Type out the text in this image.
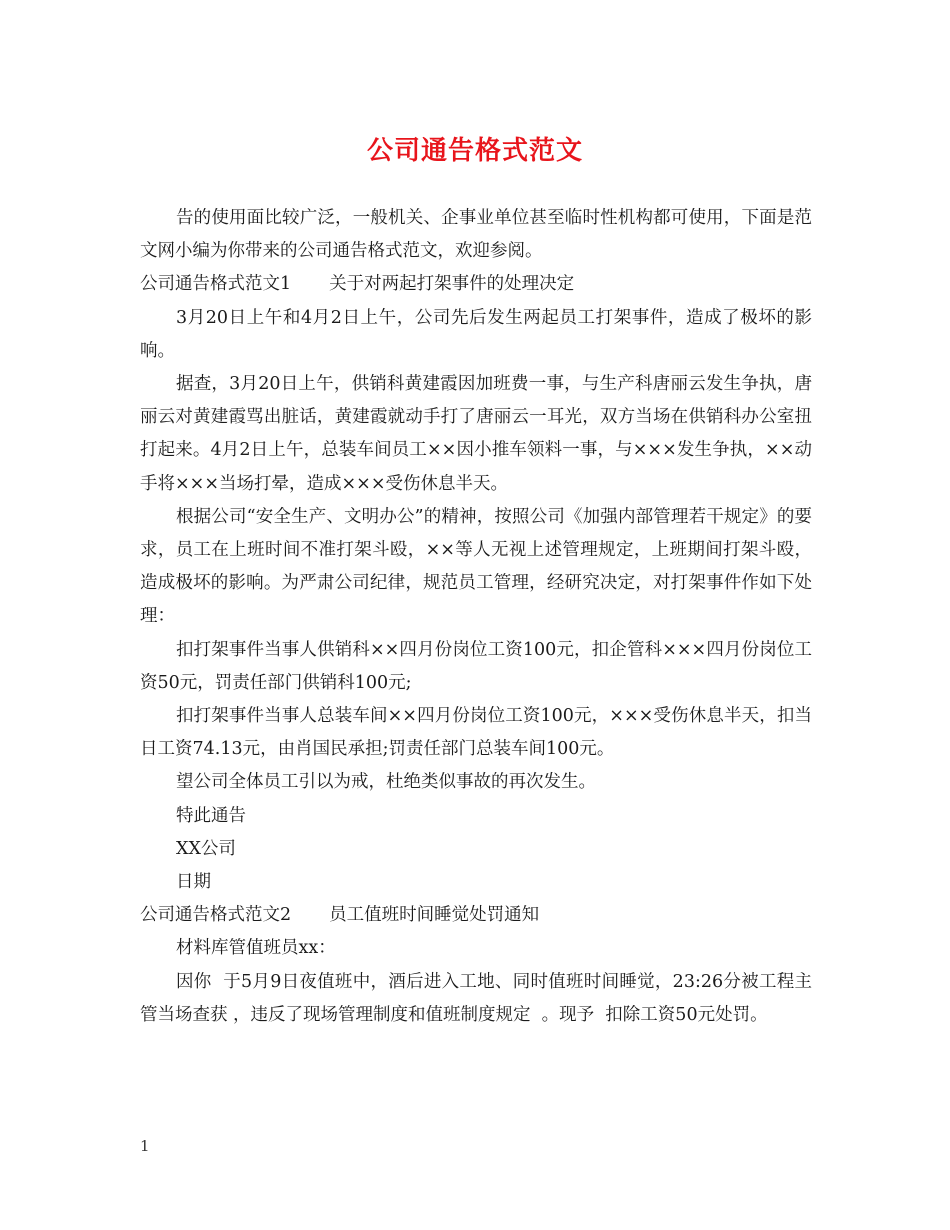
公司通告格式范文

告的使用面比较广泛，一般机关、企事业单位甚至临时性机构都可使用，下面是范文网小编为你带来的公司通告格式范文，欢迎参阅。

公司通告格式范文1 关于对两起打架事件的处理决定

3月20日上午和4月2日上午，公司先后发生两起员工打架事件，造成了极坏的影响。

据查，3月20日上午，供销科黄建霞因加班费一事，与生产科唐丽云发生争执，唐丽云对黄建霞骂出脏话，黄建霞就动手打了唐丽云一耳光，双方当场在供销科办公室扭打起来。4月2日上午，总装车间员工××因小推车领料一事，与×××发生争执，××动手将×××当场打晕，造成×××受伤休息半天。

根据公司“安全生产、文明办公”的精神，按照公司《加强内部管理若干规定》的要求，员工在上班时间不准打架斗殴，××等人无视上述管理规定，上班期间打架斗殴，造成极坏的影响。为严肃公司纪律，规范员工管理，经研究决定，对打架事件作如下处理：

扣打架事件当事人供销科××四月份岗位工资100元，扣企管科×××四月份岗位工资50元，罚责任部门供销科100元;

扣打架事件当事人总装车间××四月份岗位工资100元，×××受伤休息半天，扣当日工资74.13元，由肖国民承担;罚责任部门总装车间100元。

望公司全体员工引以为戒，杜绝类似事故的再次发生。

特此通告

XX公司

日期

公司通告格式范文2 员工值班时间睡觉处罚通知

材料库管值班员xx：

因你  于5月9日夜值班中，酒后进入工地、同时值班时间睡觉，23:26分被工程主管当场查获 ，违反了现场管理制度和值班制度规定  。现予  扣除工资50元处罚。

1
